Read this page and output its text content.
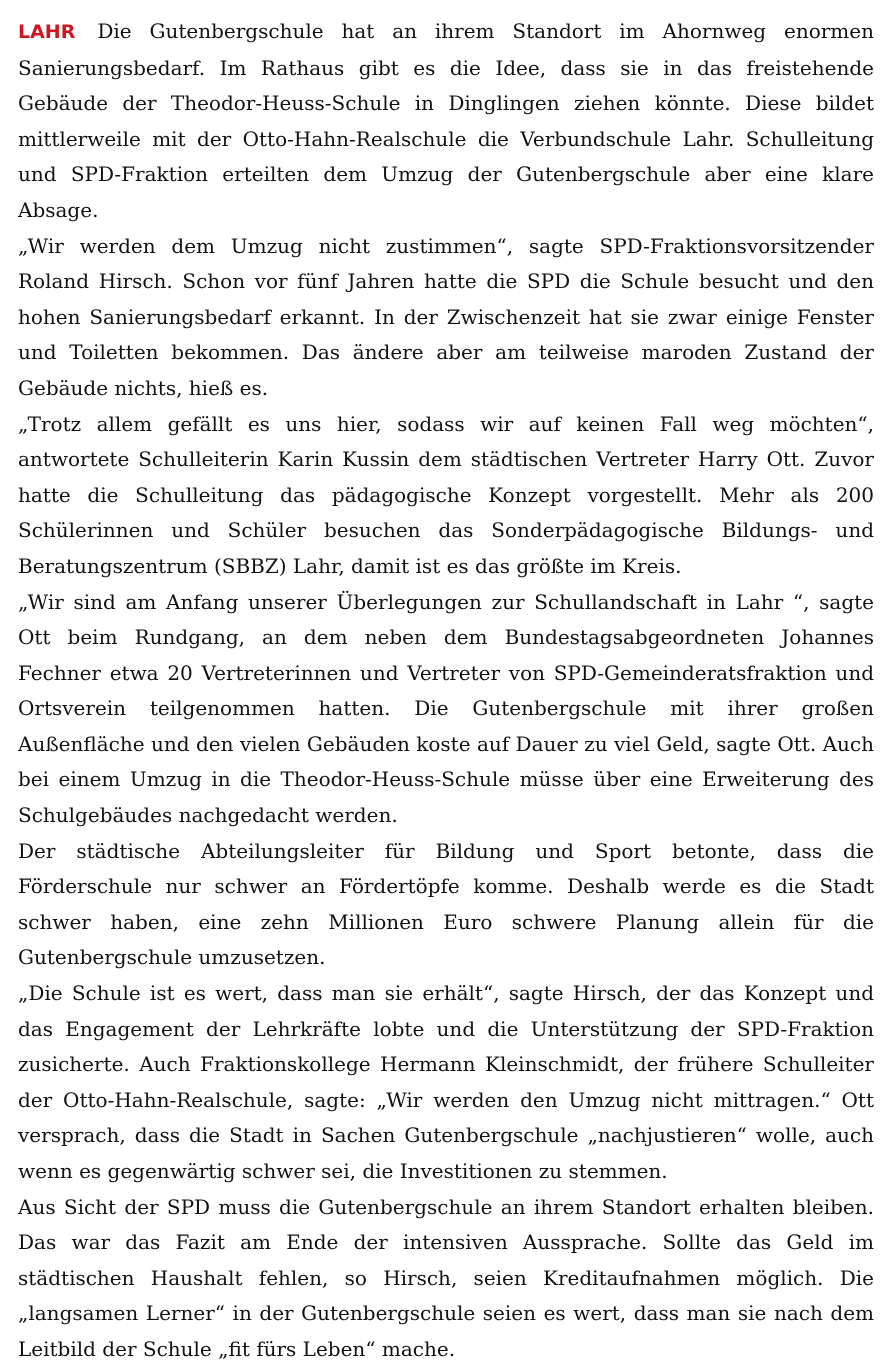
LAHR Die Gutenbergschule hat an ihrem Standort im Ahornweg enormen Sanierungsbedarf. Im Rathaus gibt es die Idee, dass sie in das freistehende Gebäude der Theodor-Heuss-Schule in Dinglingen ziehen könnte. Diese bildet mittlerweile mit der Otto-Hahn-Realschule die Verbundschule Lahr. Schulleitung und SPD-Fraktion erteilten dem Umzug der Gutenbergschule aber eine klare Absage.

„Wir werden dem Umzug nicht zustimmen“, sagte SPD-Fraktionsvorsitzender Roland Hirsch. Schon vor fünf Jahren hatte die SPD die Schule besucht und den hohen Sanierungsbedarf erkannt. In der Zwischenzeit hat sie zwar einige Fenster und Toiletten bekommen. Das ändere aber am teilweise maroden Zustand der Gebäude nichts, hieß es.

„Trotz allem gefällt es uns hier, sodass wir auf keinen Fall weg möchten“, antwortete Schulleiterin Karin Kussin dem städtischen Vertreter Harry Ott. Zuvor hatte die Schulleitung das pädagogische Konzept vorgestellt. Mehr als 200 Schülerinnen und Schüler besuchen das Sonderpädagogische Bildungs- und Beratungszentrum (SBBZ) Lahr, damit ist es das größte im Kreis.

„Wir sind am Anfang unserer Überlegungen zur Schullandschaft in Lahr “, sagte Ott beim Rundgang, an dem neben dem Bundestagsabgeordneten Johannes Fechner etwa 20 Vertreterinnen und Vertreter von SPD-Gemeinderatsfraktion und Ortsverein teilgenommen hatten. Die Gutenbergschule mit ihrer großen Außenfläche und den vielen Gebäuden koste auf Dauer zu viel Geld, sagte Ott. Auch bei einem Umzug in die Theodor-Heuss-Schule müsse über eine Erweiterung des Schulgebäudes nachgedacht werden.

Der städtische Abteilungsleiter für Bildung und Sport betonte, dass die Förderschule nur schwer an Fördertöpfe komme. Deshalb werde es die Stadt schwer haben, eine zehn Millionen Euro schwere Planung allein für die Gutenbergschule umzusetzen.

„Die Schule ist es wert, dass man sie erhält“, sagte Hirsch, der das Konzept und das Engagement der Lehrkräfte lobte und die Unterstützung der SPD-Fraktion zusicherte. Auch Fraktionskollege Hermann Kleinschmidt, der frühere Schulleiter der Otto-Hahn-Realschule, sagte: „Wir werden den Umzug nicht mittragen.“ Ott versprach, dass die Stadt in Sachen Gutenbergschule „nachjustieren“ wolle, auch wenn es gegenwärtig schwer sei, die Investitionen zu stemmen.

Aus Sicht der SPD muss die Gutenbergschule an ihrem Standort erhalten bleiben. Das war das Fazit am Ende der intensiven Aussprache. Sollte das Geld im städtischen Haushalt fehlen, so Hirsch, seien Kreditaufnahmen möglich. Die „langsamen Lerner“ in der Gutenbergschule seien es wert, dass man sie nach dem Leitbild der Schule „fit fürs Leben“ mache.
